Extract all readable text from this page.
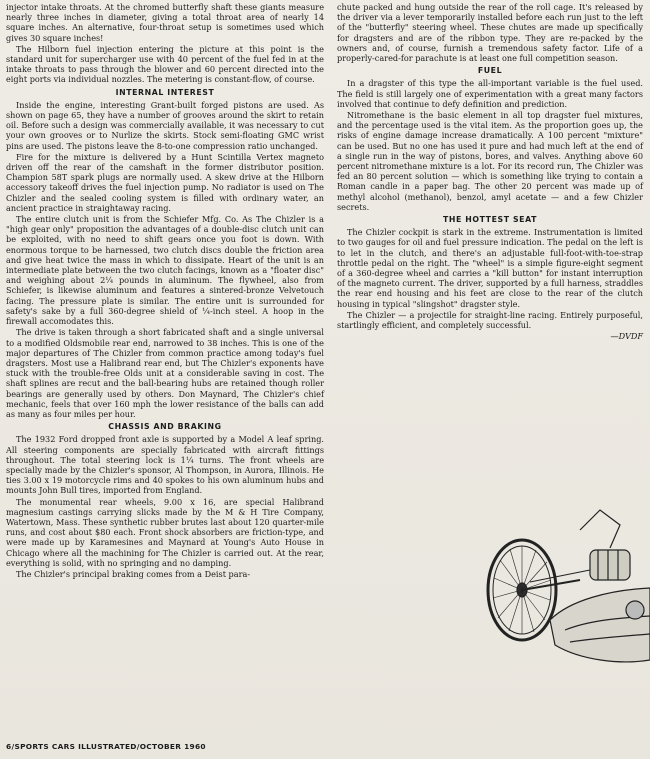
injector intake throats. At the chromed butterfly shaft these giants measure nearly three inches in diameter, giving a total throat area of nearly 14 square inches. An alternative, four-throat setup is sometimes used which gives 30 square inches!

The Hilborn fuel injection entering the picture at this point is the standard unit for supercharger use with 40 percent of the fuel fed in at the intake throats to pass through the blower and 60 percent directed into the eight ports via individual nozzles. The metering is constant-flow, of course.

INTERNAL INTEREST

Inside the engine, interesting Grant-built forged pistons are used. As shown on page 65, they have a number of grooves around the skirt to retain oil. Before such a design was commercially available, it was necessary to cut your own grooves or to Nurlize the skirts. Stock semi-floating GMC wrist pins are used. The pistons leave the 8-to-one compression ratio unchanged.

Fire for the mixture is delivered by a Hunt Scintilla Vertex magneto driven off the rear of the camshaft in the former distributor position. Champion 58T spark plugs are normally used. A skew drive at the Hilborn accessory takeoff drives the fuel injection pump. No radiator is used on The Chizler and the sealed cooling system is filled with ordinary water, an ancient practice in straightaway racing.

The entire clutch unit is from the Schiefer Mfg. Co. As The Chizler is a "high gear only" proposition the advantages of a double-disc clutch unit can be exploited, with no need to shift gears once you foot is down. With enormous torque to be harnessed, two clutch discs double the friction area and give heat twice the mass in which to dissipate. Heart of the unit is an intermediate plate between the two clutch facings, known as a "floater disc" and weighing about 2¼ pounds in aluminum. The flywheel, also from Schiefer, is likewise aluminum and features a sintered-bronze Velvetouch facing. The pressure plate is similar. The entire unit is surrounded for safety's sake by a full 360-degree shield of ¼-inch steel. A hoop in the firewall accomodates this.

The drive is taken through a short fabricated shaft and a single universal to a modified Oldsmobile rear end, narrowed to 38 inches. This is one of the major departures of The Chizler from common practice among today's fuel dragsters. Most use a Halibrand rear end, but The Chizler's exponents have stuck with the trouble-free Olds unit at a considerable saving in cost. The shaft splines are recut and the ball-bearing hubs are retained though roller bearings are generally used by others. Don Maynard, The Chizler's chief mechanic, feels that over 160 mph the lower resistance of the balls can add as many as four miles per hour.

CHASSIS AND BRAKING

The 1932 Ford dropped front axle is supported by a Model A leaf spring. All steering components are specially fabricated with aircraft fittings throughout. The total steering lock is 1¼ turns. The front wheels are specially made by the Chizler's sponsor, Al Thompson, in Aurora, Illinois. He ties 3.00 x 19 motorcycle rims and 40 spokes to his own aluminum hubs and mounts John Bull tires, imported from England.

The monumental rear wheels, 9.00 x 16, are special Halibrand magnesium castings carrying slicks made by the M & H Tire Company, Watertown, Mass. These synthetic rubber brutes last about 120 quarter-mile runs, and cost about $80 each. Front shock absorbers are friction-type, and were made up by Karamesines and Maynard at Young's Auto House in Chicago where all the machining for The Chizler is carried out. At the rear, everything is solid, with no springing and no damping.

The Chizler's principal braking comes from a Deist para-

chute packed and hung outside the rear of the roll cage. It's released by the driver via a lever temporarily installed before each run just to the left of the "butterfly" steering wheel. These chutes are made up specifically for dragsters and are of the ribbon type. They are re-packed by the owners and, of course, furnish a tremendous safety factor. Life of a properly-cared-for parachute is at least one full competition season.

FUEL

In a dragster of this type the all-important variable is the fuel used. The field is still largely one of experimentation with a great many factors involved that continue to defy definition and prediction.

Nitromethane is the basic element in all top dragster fuel mixtures, and the percentage used is the vital item. As the proportion goes up, the risks of engine damage increase dramatically. A 100 percent "mixture" can be used. But no one has used it pure and had much left at the end of a single run in the way of pistons, bores, and valves. Anything above 60 percent nitromethane mixture is a lot. For its record run, The Chizler was fed an 80 percent solution — which is something like trying to contain a Roman candle in a paper bag. The other 20 percent was made up of methyl alcohol (methanol), benzol, amyl acetate — and a few Chizler secrets.

THE HOTTEST SEAT

The Chizler cockpit is stark in the extreme. Instrumentation is limited to two gauges for oil and fuel pressure indication. The pedal on the left is to let in the clutch, and there's an adjustable full-foot-with-toe-strap throttle pedal on the right. The "wheel" is a simple figure-eight segment of a 360-degree wheel and carries a "kill button" for instant interruption of the magneto current. The driver, supported by a full harness, straddles the rear end housing and his feet are close to the rear of the clutch housing in typical "slingshot" dragster style.

The Chizler — a projectile for straight-line racing. Entirely purposeful, startlingly efficient, and completely successful.

—DVDF
6/SPORTS CARS ILLUSTRATED/OCTOBER 1960
